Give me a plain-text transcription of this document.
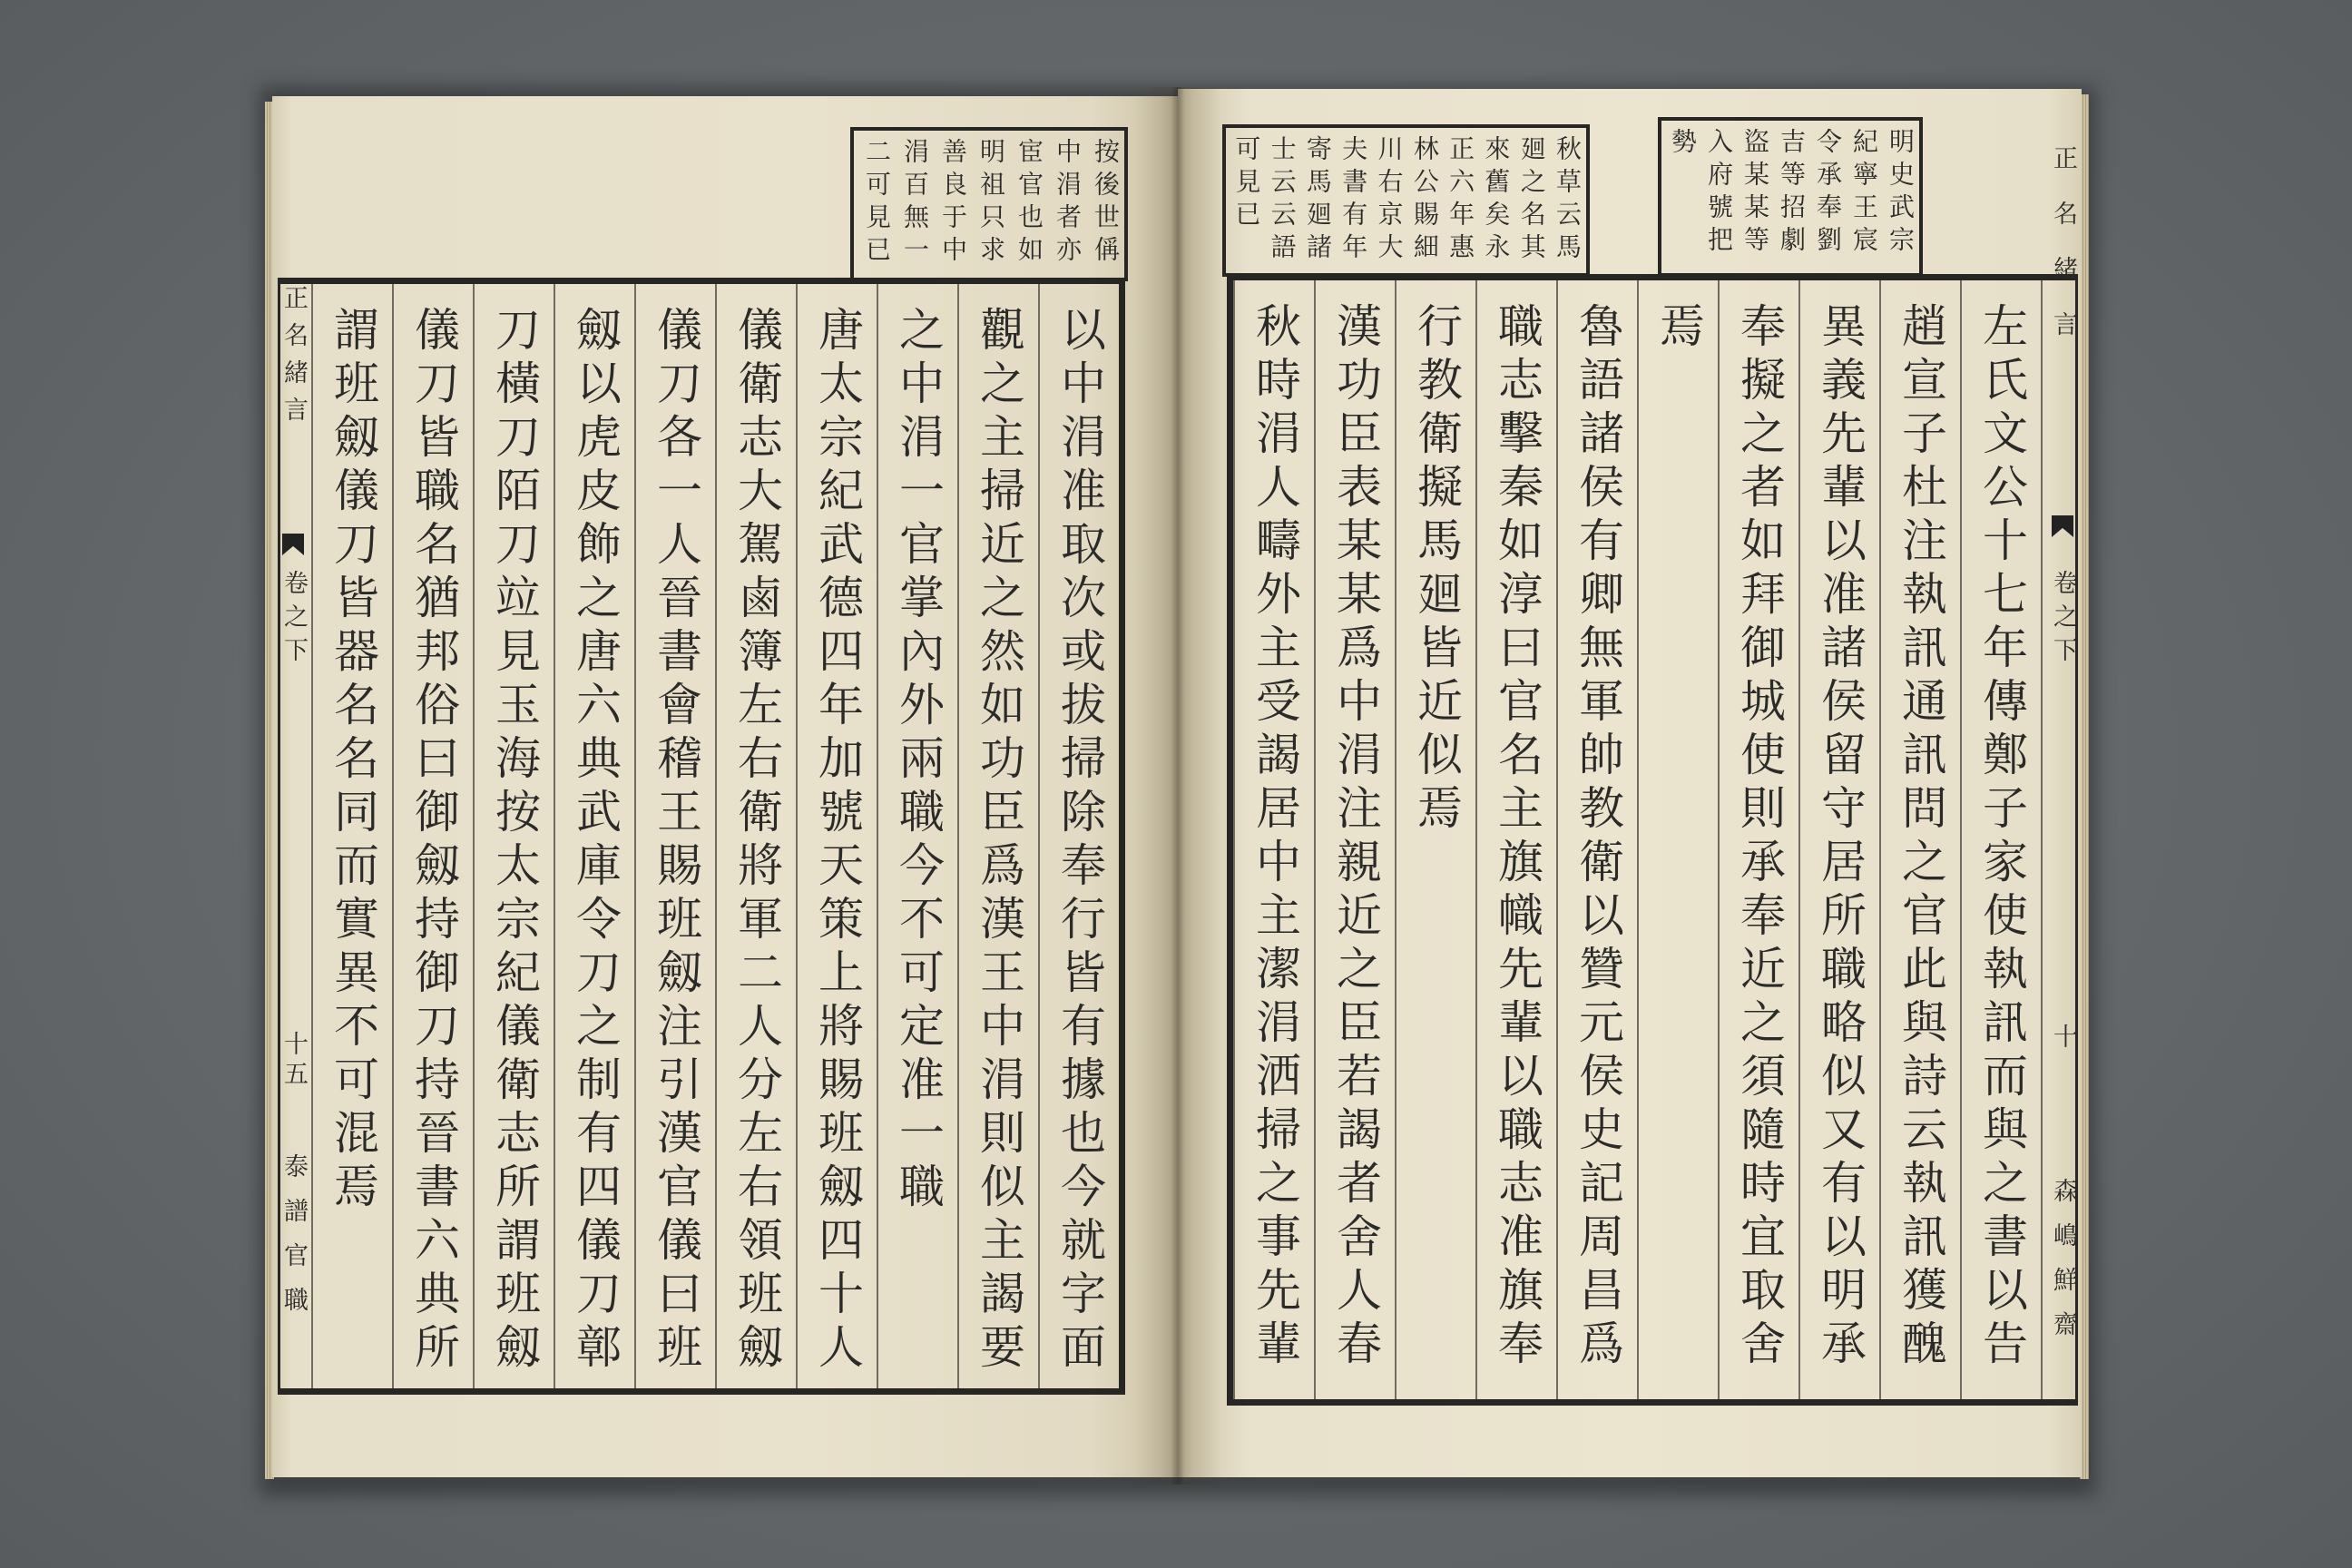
按後世偁
中涓者亦
宦官也如
明祖只求
善良于中
涓百無一
二可見已
以中涓准取次或拔掃除奉行皆有據也今就字面
觀之主掃近之然如功臣爲漢王中涓則似主謁要
之中涓一官掌內外兩職今不可定准一職
唐太宗紀武德四年加號天策上將賜班劔四十人
儀衛志大駕鹵簿左右衛將軍二人分左右領班劔
儀刀各一人晉書會稽王賜班劔注引漢官儀曰班
劔以虎皮飾之唐六典武庫令刀之制有四儀刀鄣
刀橫刀陌刀竝見玉海按太宗紀儀衛志所謂班劔
儀刀皆職名猶邦俗曰御劔持御刀持晉書六典所
謂班劔儀刀皆器名名同而實異不可混焉
正名緒言
卷之下
十五
泰譜官職
明史武宗
紀寧王宸
令承奉劉
吉等招劇
盜某某等
入府號把
勢
秋草云馬
廻之名其
來舊矣永
正六年惠
林公賜細
川右京大
夫書有年
寄馬廻諸
士云云語
可見已
左氏文公十七年傳鄭子家使執訊而與之書以告
趙宣子杜注執訊通訊問之官此與詩云執訊獲醜
異義先輩以准諸侯留守居所職略似又有以明承
奉擬之者如拜御城使則承奉近之須隨時宜取舍
焉
魯語諸侯有卿無軍帥教衛以贊元侯史記周昌爲
職志擊秦如淳曰官名主旗幟先輩以職志准旗奉
行教衛擬馬廻皆近似焉
漢功臣表某某爲中涓注親近之臣若謁者舍人春
秋時涓人疇外主受謁居中主潔涓洒掃之事先輩
正名緒言
卷之下
十
森嶋鮮齋
